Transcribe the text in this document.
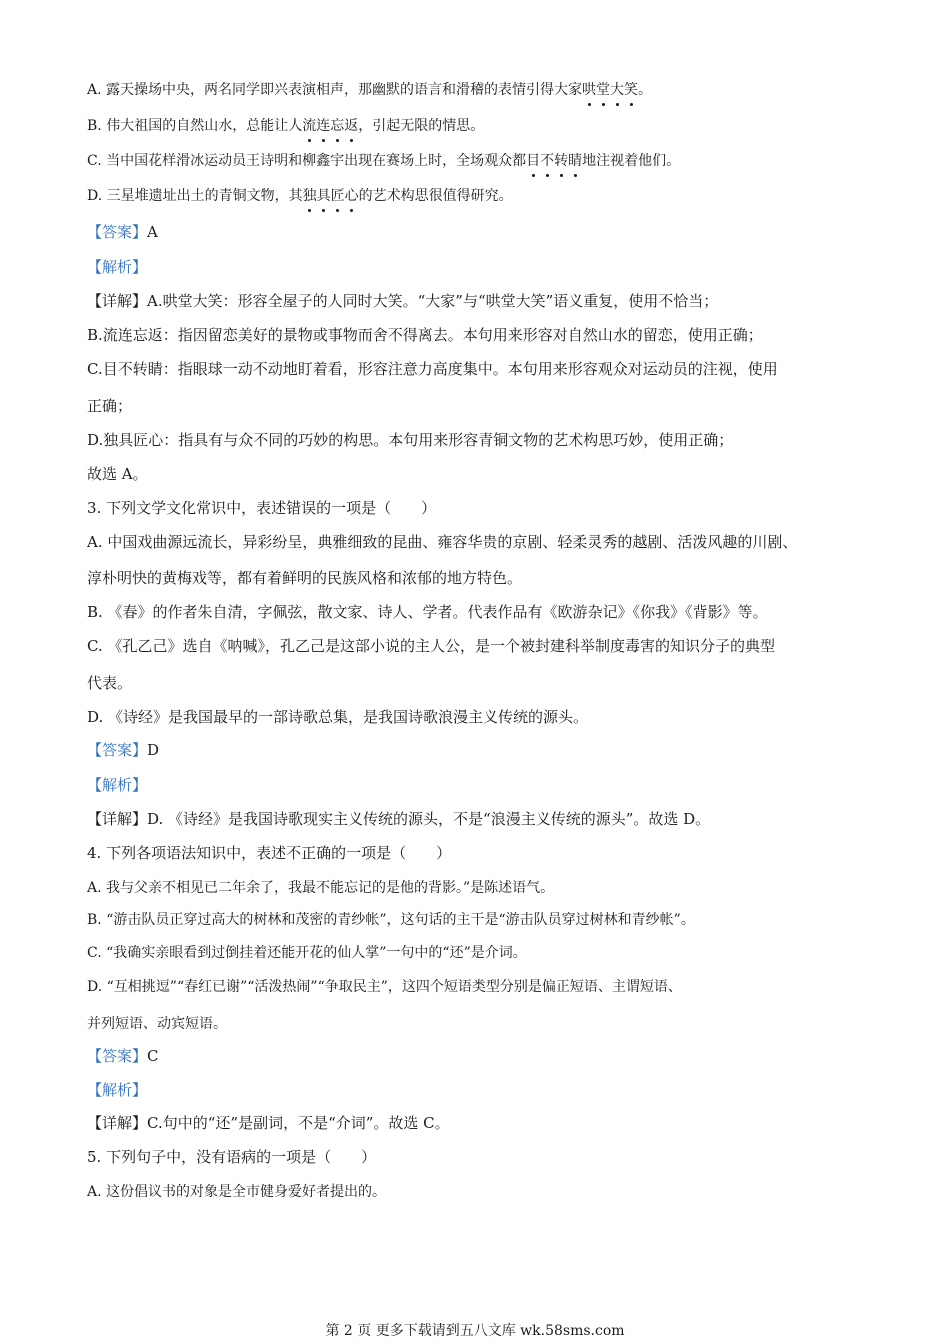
A. 露天操场中央，两名同学即兴表演相声，那幽默的语言和滑稽的表情引得大家哄堂大笑。
B. 伟大祖国的自然山水，总能让人流连忘返，引起无限的情思。
C. 当中国花样滑冰运动员王诗明和柳鑫宇出现在赛场上时，全场观众都目不转睛地注视着他们。
D. 三星堆遗址出土的青铜文物，其独具匠心的艺术构思很值得研究。
【答案】A
【解析】
【详解】A.哄堂大笑：形容全屋子的人同时大笑。“大家”与“哄堂大笑”语义重复，使用不恰当；
B.流连忘返：指因留恋美好的景物或事物而舍不得离去。本句用来形容对自然山水的留恋，使用正确；
C.目不转睛：指眼球一动不动地盯着看，形容注意力高度集中。本句用来形容观众对运动员的注视，使用
正确；
D.独具匠心：指具有与众不同的巧妙的构思。本句用来形容青铜文物的艺术构思巧妙，使用正确；
故选 A。
3. 下列文学文化常识中，表述错误的一项是（　　）
A. 中国戏曲源远流长，异彩纷呈，典雅细致的昆曲、雍容华贵的京剧、轻柔灵秀的越剧、活泼风趣的川剧、
淳朴明快的黄梅戏等，都有着鲜明的民族风格和浓郁的地方特色。
B. 《春》的作者朱自清，字佩弦，散文家、诗人、学者。代表作品有《欧游杂记》《你我》《背影》等。
C. 《孔乙己》选自《呐喊》，孔乙己是这部小说的主人公，是一个被封建科举制度毒害的知识分子的典型
代表。
D. 《诗经》是我国最早的一部诗歌总集，是我国诗歌浪漫主义传统的源头。
【答案】D
【解析】
【详解】D. 《诗经》是我国诗歌现实主义传统的源头，不是“浪漫主义传统的源头”。故选 D。
4. 下列各项语法知识中，表述不正确的一项是（　　）
A. 我与父亲不相见已二年余了，我最不能忘记的是他的背影。”是陈述语气。
B. “游击队员正穿过高大的树林和茂密的青纱帐”，这句话的主干是“游击队员穿过树林和青纱帐”。
C. “我确实亲眼看到过倒挂着还能开花的仙人掌”一句中的“还”是介词。
D. “互相挑逗”“春红已谢”“活泼热闹”“争取民主”，这四个短语类型分别是偏正短语、主谓短语、
并列短语、动宾短语。
【答案】C
【解析】
【详解】C.句中的“还”是副词，不是“介词”。故选 C。
5. 下列句子中，没有语病的一项是（　　）
A. 这份倡议书的对象是全市健身爱好者提出的。
第 2 页 更多下载请到五八文库 wk.58sms.com
